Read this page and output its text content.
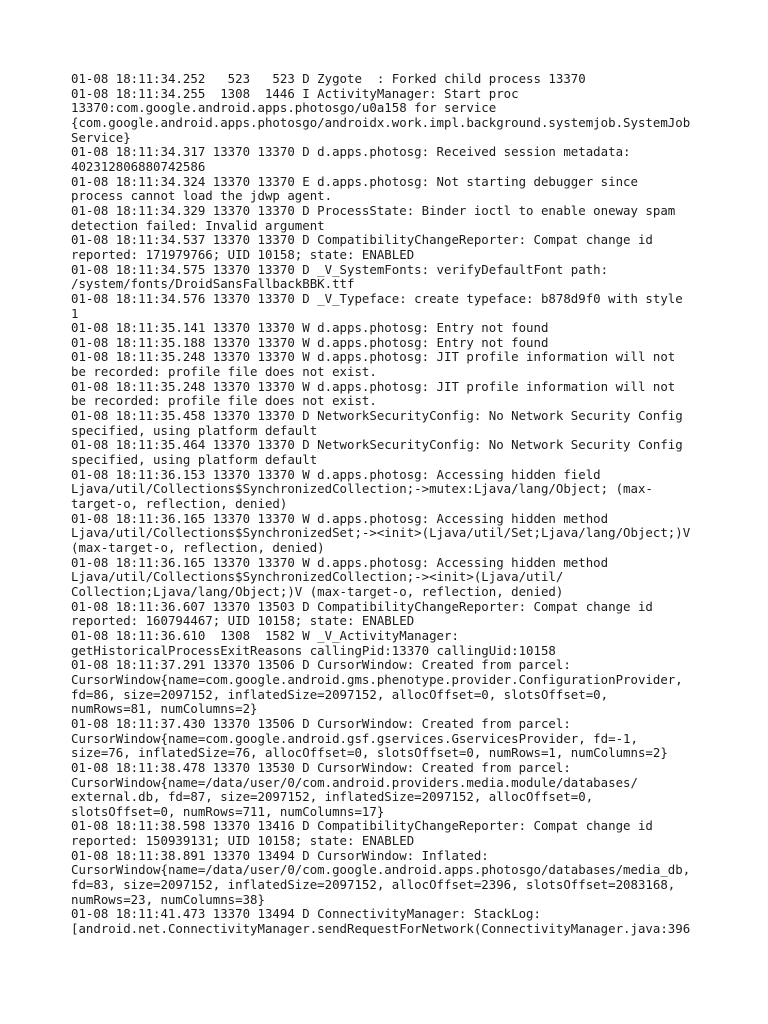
01-08 18:11:34.252   523   523 D Zygote  : Forked child process 13370
01-08 18:11:34.255  1308  1446 I ActivityManager: Start proc
13370:com.google.android.apps.photosgo/u0a158 for service
{com.google.android.apps.photosgo/androidx.work.impl.background.systemjob.SystemJob
Service}
01-08 18:11:34.317 13370 13370 D d.apps.photosg: Received session metadata:
402312806880742586
01-08 18:11:34.324 13370 13370 E d.apps.photosg: Not starting debugger since
process cannot load the jdwp agent.
01-08 18:11:34.329 13370 13370 D ProcessState: Binder ioctl to enable oneway spam
detection failed: Invalid argument
01-08 18:11:34.537 13370 13370 D CompatibilityChangeReporter: Compat change id
reported: 171979766; UID 10158; state: ENABLED
01-08 18:11:34.575 13370 13370 D _V_SystemFonts: verifyDefaultFont path:
/system/fonts/DroidSansFallbackBBK.ttf
01-08 18:11:34.576 13370 13370 D _V_Typeface: create typeface: b878d9f0 with style
1
01-08 18:11:35.141 13370 13370 W d.apps.photosg: Entry not found
01-08 18:11:35.188 13370 13370 W d.apps.photosg: Entry not found
01-08 18:11:35.248 13370 13370 W d.apps.photosg: JIT profile information will not
be recorded: profile file does not exist.
01-08 18:11:35.248 13370 13370 W d.apps.photosg: JIT profile information will not
be recorded: profile file does not exist.
01-08 18:11:35.458 13370 13370 D NetworkSecurityConfig: No Network Security Config
specified, using platform default
01-08 18:11:35.464 13370 13370 D NetworkSecurityConfig: No Network Security Config
specified, using platform default
01-08 18:11:36.153 13370 13370 W d.apps.photosg: Accessing hidden field
Ljava/util/Collections$SynchronizedCollection;->mutex:Ljava/lang/Object; (max-
target-o, reflection, denied)
01-08 18:11:36.165 13370 13370 W d.apps.photosg: Accessing hidden method
Ljava/util/Collections$SynchronizedSet;-><init>(Ljava/util/Set;Ljava/lang/Object;)V
(max-target-o, reflection, denied)
01-08 18:11:36.165 13370 13370 W d.apps.photosg: Accessing hidden method
Ljava/util/Collections$SynchronizedCollection;-><init>(Ljava/util/
Collection;Ljava/lang/Object;)V (max-target-o, reflection, denied)
01-08 18:11:36.607 13370 13503 D CompatibilityChangeReporter: Compat change id
reported: 160794467; UID 10158; state: ENABLED
01-08 18:11:36.610  1308  1582 W _V_ActivityManager:
getHistoricalProcessExitReasons callingPid:13370 callingUid:10158
01-08 18:11:37.291 13370 13506 D CursorWindow: Created from parcel:
CursorWindow{name=com.google.android.gms.phenotype.provider.ConfigurationProvider,
fd=86, size=2097152, inflatedSize=2097152, allocOffset=0, slotsOffset=0,
numRows=81, numColumns=2}
01-08 18:11:37.430 13370 13506 D CursorWindow: Created from parcel:
CursorWindow{name=com.google.android.gsf.gservices.GservicesProvider, fd=-1,
size=76, inflatedSize=76, allocOffset=0, slotsOffset=0, numRows=1, numColumns=2}
01-08 18:11:38.478 13370 13530 D CursorWindow: Created from parcel:
CursorWindow{name=/data/user/0/com.android.providers.media.module/databases/
external.db, fd=87, size=2097152, inflatedSize=2097152, allocOffset=0,
slotsOffset=0, numRows=711, numColumns=17}
01-08 18:11:38.598 13370 13416 D CompatibilityChangeReporter: Compat change id
reported: 150939131; UID 10158; state: ENABLED
01-08 18:11:38.891 13370 13494 D CursorWindow: Inflated:
CursorWindow{name=/data/user/0/com.google.android.apps.photosgo/databases/media_db,
fd=83, size=2097152, inflatedSize=2097152, allocOffset=2396, slotsOffset=2083168,
numRows=23, numColumns=38}
01-08 18:11:41.473 13370 13494 D ConnectivityManager: StackLog:
[android.net.ConnectivityManager.sendRequestForNetwork(ConnectivityManager.java:396
